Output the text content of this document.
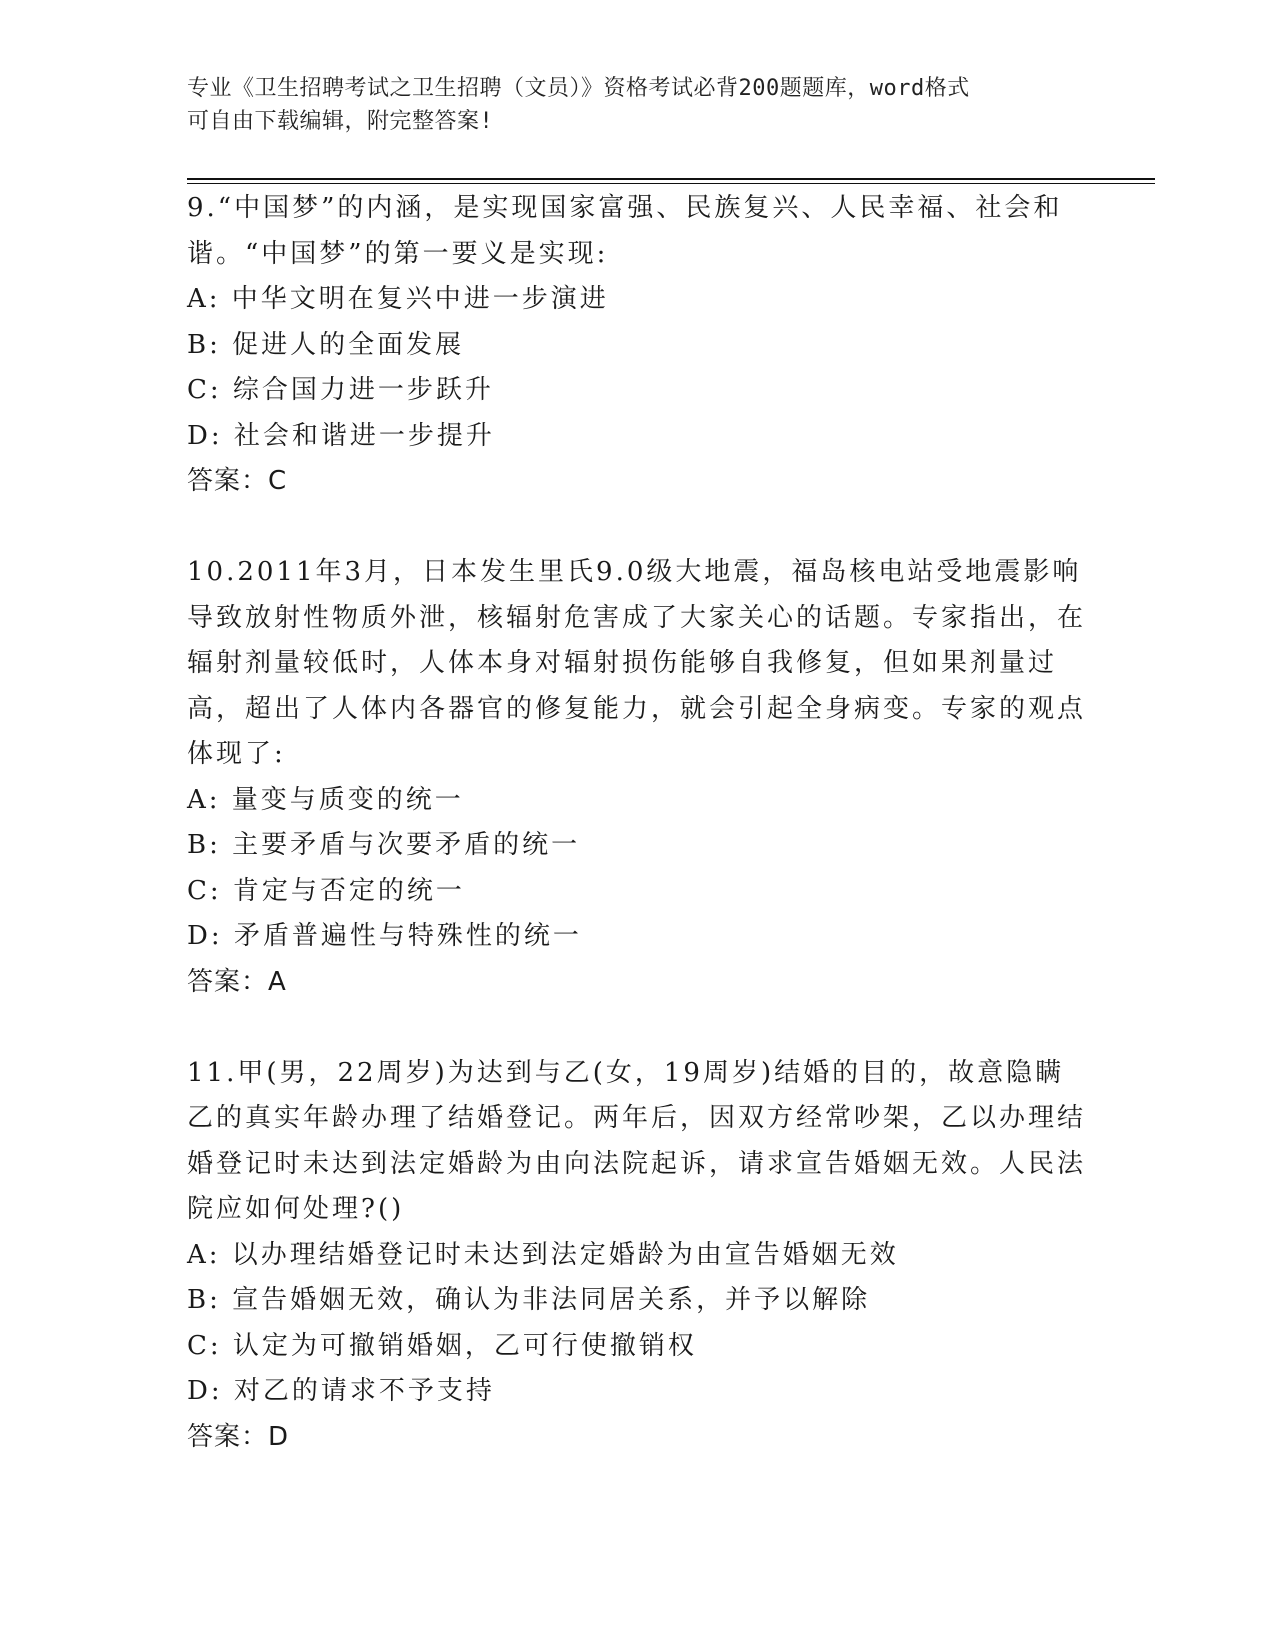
专业《卫生招聘考试之卫生招聘（文员）》资格考试必背200题题库，word格式
可自由下载编辑，附完整答案!

9.“中国梦”的内涵，是实现国家富强、民族复兴、人民幸福、社会和谐。“中国梦”的第一要义是实现:

A: 中华文明在复兴中进一步演进

B: 促进人的全面发展

C: 综合国力进一步跃升

D: 社会和谐进一步提升

答案：C

10.2011年3月，日本发生里氏9.0级大地震，福岛核电站受地震影响导致放射性物质外泄，核辐射危害成了大家关心的话题。专家指出，在辐射剂量较低时，人体本身对辐射损伤能够自我修复，但如果剂量过高，超出了人体内各器官的修复能力，就会引起全身病变。专家的观点体现了:

A: 量变与质变的统一

B: 主要矛盾与次要矛盾的统一

C: 肯定与否定的统一

D: 矛盾普遍性与特殊性的统一

答案：A

11.甲(男，22周岁)为达到与乙(女，19周岁)结婚的目的，故意隐瞒乙的真实年龄办理了结婚登记。两年后，因双方经常吵架，乙以办理结婚登记时未达到法定婚龄为由向法院起诉，请求宣告婚姻无效。人民法院应如何处理?()

A: 以办理结婚登记时未达到法定婚龄为由宣告婚姻无效

B: 宣告婚姻无效，确认为非法同居关系，并予以解除

C: 认定为可撤销婚姻，乙可行使撤销权

D: 对乙的请求不予支持

答案：D
